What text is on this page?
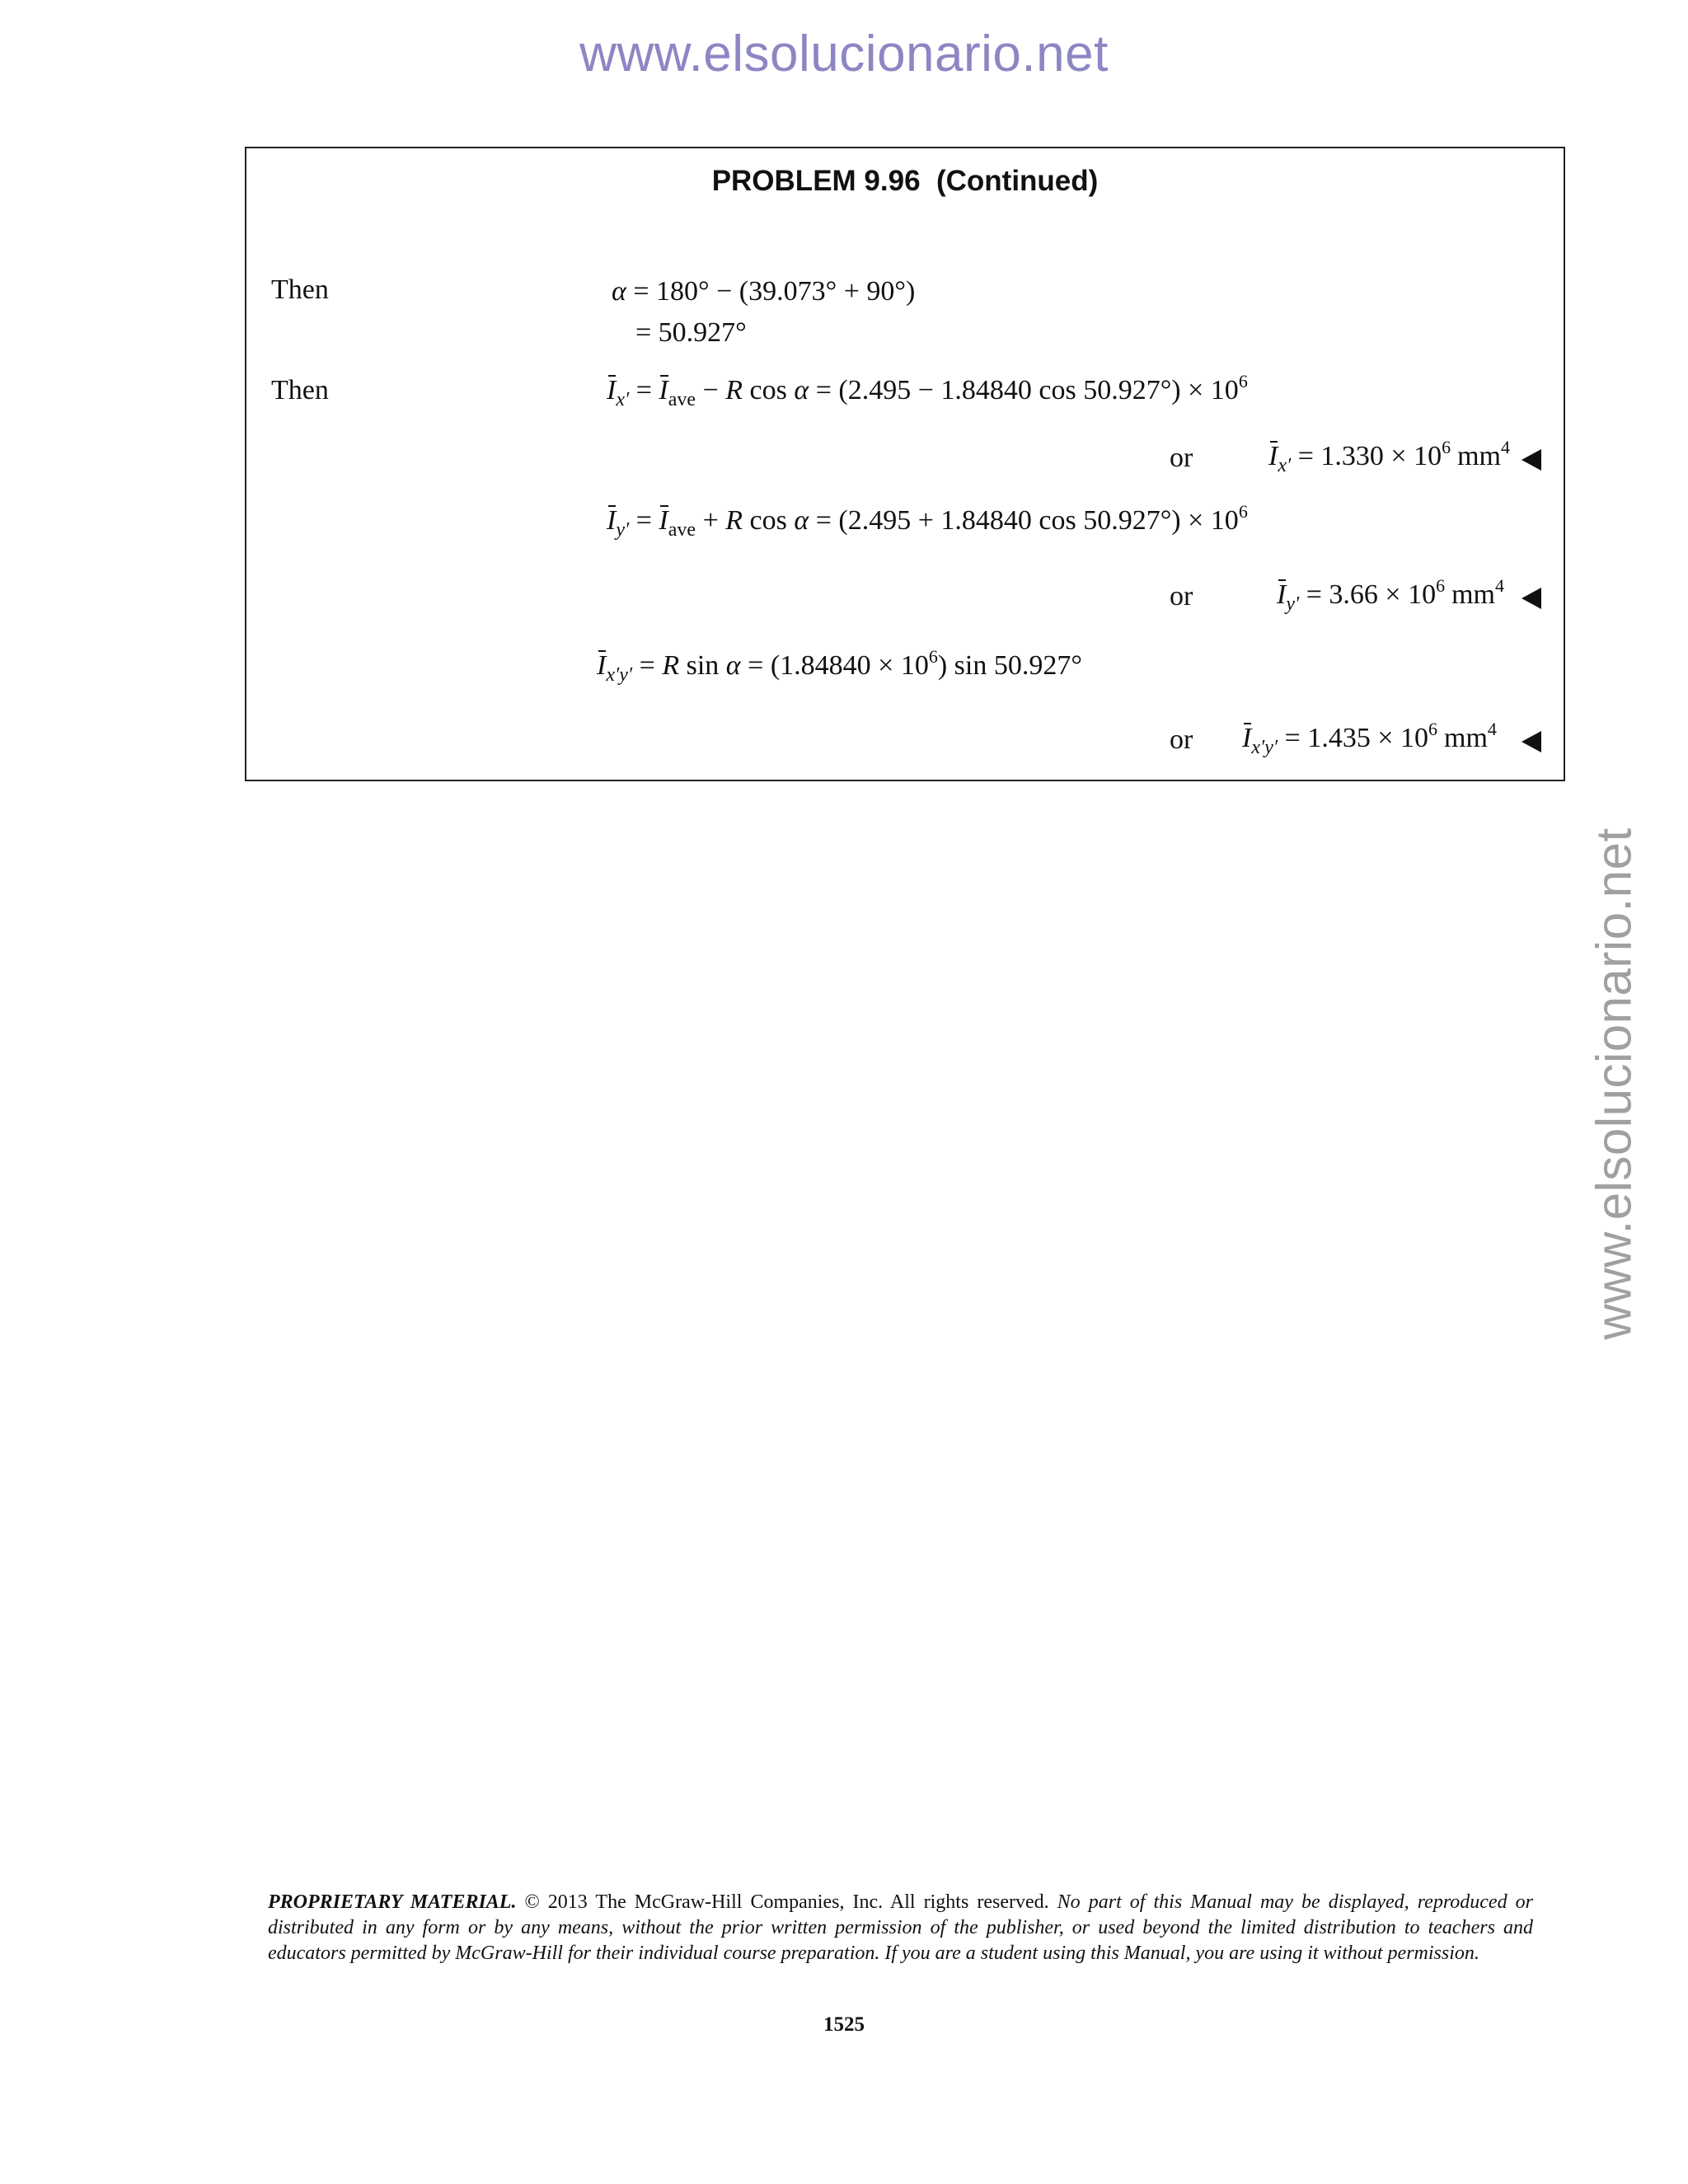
www.elsolucionario.net
www.elsolucionario.net
PROBLEM 9.96  (Continued)
Then	α = 180° − (39.073° + 90°)
= 50.927°
Then	$I_{x'} = I_{ave} - R$ cos α = (2.495 − 1.84840 $\cos 50.927^\circ) \times 10^6$
or	$I_{x'} = 1.330 \times 10^6$ $mm^4$
$I_{y'} = I_{ave} + R$ cos α = (2.495 + 1.84840 $\cos 50.927^\circ) \times 10^6$
or	$I_{y'} = 3.66 \times 10^6$ $mm^4$
$I_{x'y'} = R$ $\sin \alpha = (1.84840 \times 10^6)$ sin 50.927°
or $I_{x'y'} = 1.435 \times 10^6$ $mm^4$
PROPRIETARY MATERIAL. © 2013 The McGraw-Hill Companies, Inc. All rights reserved. No part of this Manual may be displayed, reproduced or distributed in any form or by any means, without the prior written permission of the publisher, or used beyond the limited distribution to teachers and educators permitted by McGraw-Hill for their individual course preparation. If you are a student using this Manual, you are using it without permission.
1525
